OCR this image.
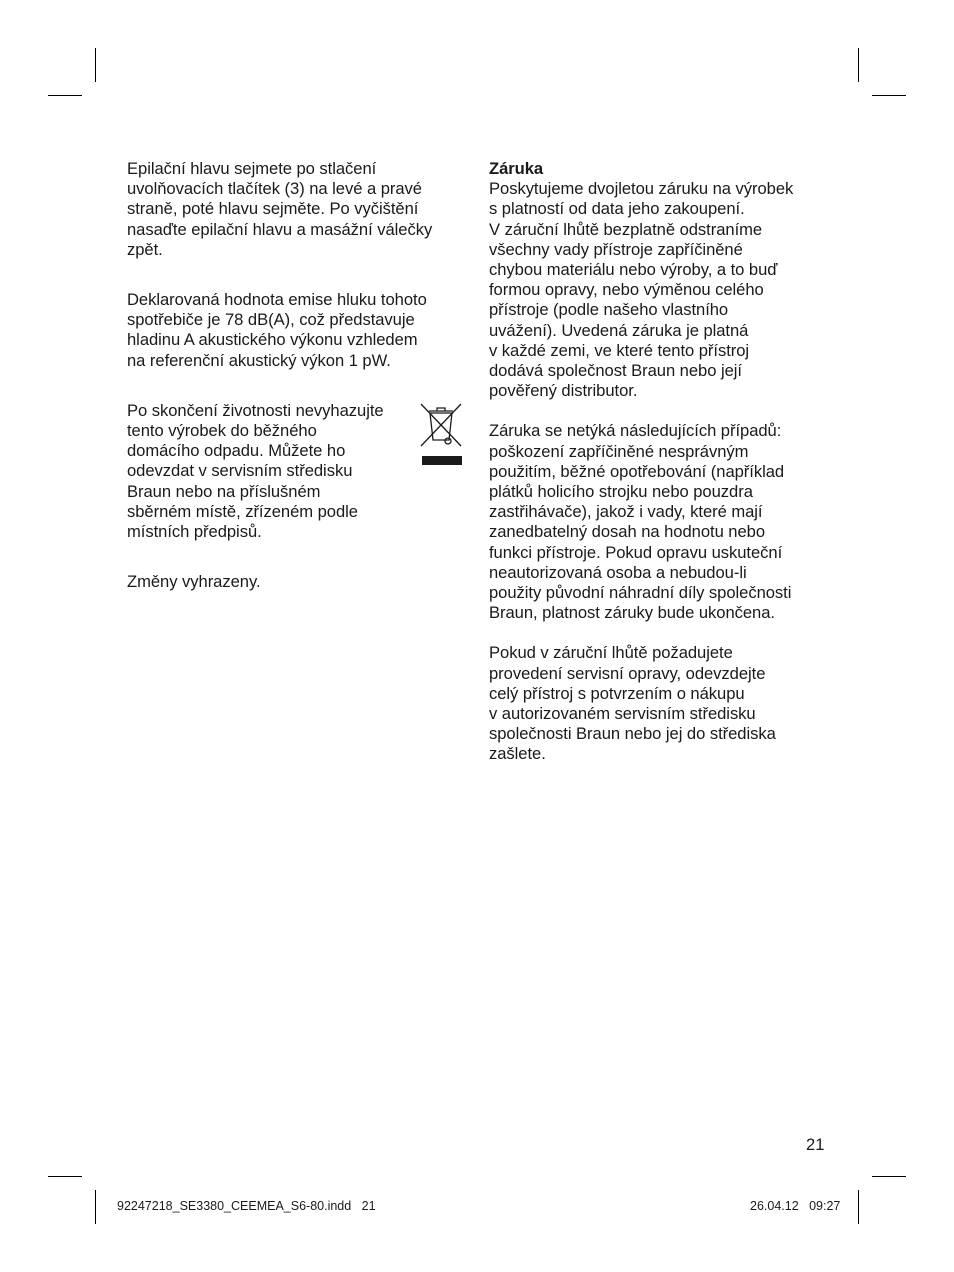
Epilační hlavu sejmete po stlačení
uvolňovacích tlačítek (3) na levé a pravé
straně, poté hlavu sejměte. Po vyčištění
nasaďte epilační hlavu a masážní válečky
zpět.

Deklarovaná hodnota emise hluku tohoto
spotřebiče je 78 dB(A), což představuje
hladinu A akustického výkonu vzhledem
na referenční akustický výkon 1 pW.

Po skončení životnosti nevyhazujte
tento výrobek do běžného
domácího odpadu. Můžete ho
odevzdat v servisním středisku
Braun nebo na příslušném
sběrném místě, zřízeném podle
místních předpisů.

Změny vyhrazeny.

Záruka

Poskytujeme dvojletou záruku na výrobek
s platností od data jeho zakoupení.
V záruční lhůtě bezplatně odstraníme
všechny vady přístroje zapříčiněné
chybou materiálu nebo výroby, a to buď
formou opravy, nebo výměnou celého
přístroje (podle našeho vlastního
uvážení). Uvedená záruka je platná
v každé zemi, ve které tento přístroj
dodává společnost Braun nebo její
pověřený distributor.

Záruka se netýká následujících případů:
poškození zapříčiněné nesprávným
použitím, běžné opotřebování (například
plátků holicího strojku nebo pouzdra
zastřihávače), jakož i vady, které mají
zanedbatelný dosah na hodnotu nebo
funkci přístroje. Pokud opravu uskuteční
neautorizovaná osoba a nebudou-li
použity původní náhradní díly společnosti
Braun, platnost záruky bude ukončena.

Pokud v záruční lhůtě požadujete
provedení servisní opravy, odevzdejte
celý přístroj s potvrzením o nákupu
v autorizovaném servisním středisku
společnosti Braun nebo jej do střediska
zašlete.

21
92247218_SE3380_CEEMEA_S6-80.indd   21	26.04.12   09:27
